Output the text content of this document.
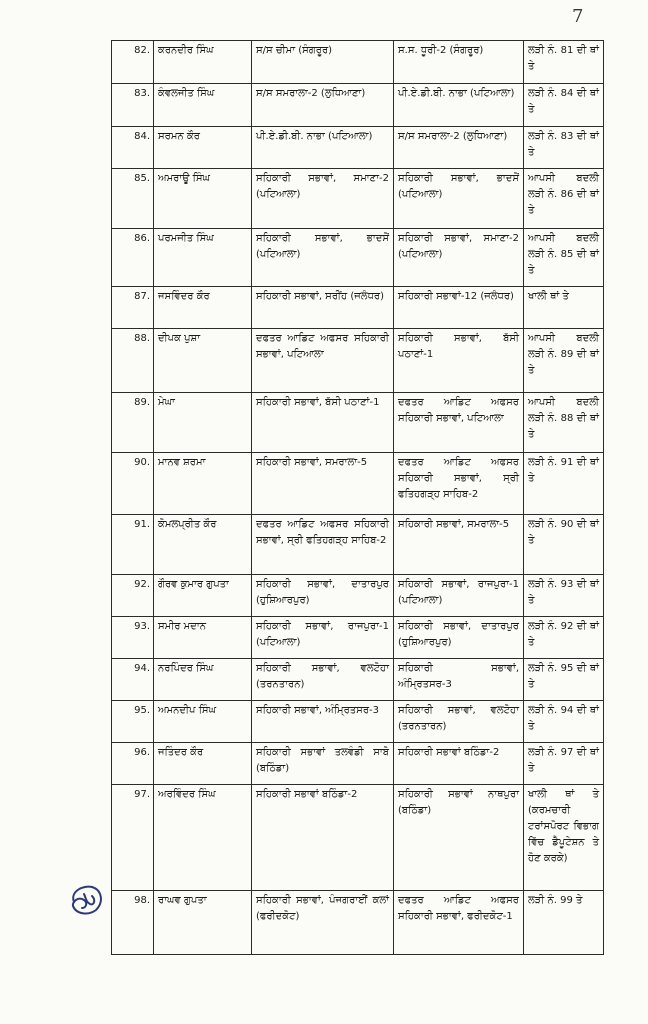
7
82.	ਕਰਨਦੀਰ ਸਿੰਘ	ਸ/ਸ ਚੀਮਾ (ਸੰਗਰੂਰ)	ਸ.ਸ. ਧੂਰੀ-2 (ਸੰਗਰੂਰ)	ਲੜੀ ਨੰ. 81 ਦੀ ਥਾਂ ਤੇ
83.	ਕੰਵਲਜੀਤ ਸਿੰਘ	ਸ/ਸ ਸਮਰਾਲਾ-2 (ਲੁਧਿਆਣਾ)	ਪੀ.ਏ.ਡੀ.ਬੀ. ਨਾਭਾ (ਪਟਿਆਲਾ)	ਲੜੀ ਨੰ. 84 ਦੀ ਥਾਂ ਤੇ
84.	ਸਰਮਨ ਕੌਰ	ਪੀ.ਏ.ਡੀ.ਬੀ. ਨਾਭਾ (ਪਟਿਆਲਾ)	ਸ/ਸ ਸਮਰਾਲਾ-2 (ਲੁਧਿਆਣਾ)	ਲੜੀ ਨੰ. 83 ਦੀ ਥਾਂ ਤੇ
85.	ਅਮਰਾਊ ਸਿੰਘ	ਸਹਿਕਾਰੀ ਸਭਾਵਾਂ, ਸਮਾਣਾ-2 (ਪਟਿਆਲਾ)	ਸਹਿਕਾਰੀ ਸਭਾਵਾਂ, ਭਾਦਸੋਂ (ਪਟਿਆਲਾ)	ਆਪਸੀ ਬਦਲੀ ਲੜੀ ਨੰ. 86 ਦੀ ਥਾਂ ਤੇ
86.	ਪਰਮਜੀਤ ਸਿੰਘ	ਸਹਿਕਾਰੀ ਸਭਾਵਾਂ, ਭਾਦਸੋਂ (ਪਟਿਆਲਾ)	ਸਹਿਕਾਰੀ ਸਭਾਵਾਂ, ਸਮਾਣਾ-2 (ਪਟਿਆਲਾ)	ਆਪਸੀ ਬਦਲੀ ਲੜੀ ਨੰ. 85 ਦੀ ਥਾਂ ਤੇ
87.	ਜਸਵਿੰਦਰ ਕੌਰ	ਸਹਿਕਾਰੀ ਸਭਾਵਾਂ, ਸਰੀਂਹ (ਜਲੰਧਰ)	ਸਹਿਕਾਰੀ ਸਭਾਵਾਂ-12 (ਜਲੰਧਰ)	ਖਾਲੀ ਥਾਂ ਤੇ
88.	ਦੀਪਕ ਪੁਸ਼ਾ	ਦਫਤਰ ਆਡਿਟ ਅਫਸਰ ਸਹਿਕਾਰੀ ਸਭਾਵਾਂ, ਪਟਿਆਲਾ	ਸਹਿਕਾਰੀ ਸਭਾਵਾਂ, ਬੱਸੀ ਪਠਾਣਾਂ-1	ਆਪਸੀ ਬਦਲੀ ਲੜੀ ਨੰ. 89 ਦੀ ਥਾਂ ਤੇ
89.	ਮੇਘਾ	ਸਹਿਕਾਰੀ ਸਭਾਵਾਂ, ਬੱਸੀ ਪਠਾਣਾਂ-1	ਦਫਤਰ ਆਡਿਟ ਅਫਸਰ ਸਹਿਕਾਰੀ ਸਭਾਵਾਂ, ਪਟਿਆਲਾ	ਆਪਸੀ ਬਦਲੀ ਲੜੀ ਨੰ. 88 ਦੀ ਥਾਂ ਤੇ
90.	ਮਾਨਵ ਸ਼ਰਮਾ	ਸਹਿਕਾਰੀ ਸਭਾਵਾਂ, ਸਮਰਾਲਾ-5	ਦਫਤਰ ਆਡਿਟ ਅਫਸਰ ਸਹਿਕਾਰੀ ਸਭਾਵਾਂ, ਸ੍ਰੀ ਫਤਿਹਗੜ੍ਹ ਸਾਹਿਬ-2	ਲੜੀ ਨੰ. 91 ਦੀ ਥਾਂ ਤੇ
91.	ਕੋਮਲਪ੍ਰੀਤ ਕੌਰ	ਦਫਤਰ ਆਡਿਟ ਅਫਸਰ ਸਹਿਕਾਰੀ ਸਭਾਵਾਂ, ਸ੍ਰੀ ਫਤਿਹਗੜ੍ਹ ਸਾਹਿਬ-2	ਸਹਿਕਾਰੀ ਸਭਾਵਾਂ, ਸਮਰਾਲਾ-5	ਲੜੀ ਨੰ. 90 ਦੀ ਥਾਂ ਤੇ
92.	ਗੌਰਵ ਕੁਮਾਰ ਗੁਪਤਾ	ਸਹਿਕਾਰੀ ਸਭਾਵਾਂ, ਦਾਤਾਰਪੁਰ (ਹੁਸ਼ਿਆਰਪੁਰ)	ਸਹਿਕਾਰੀ ਸਭਾਵਾਂ, ਰਾਜਪੁਰਾ-1 (ਪਟਿਆਲਾ)	ਲੜੀ ਨੰ. 93 ਦੀ ਥਾਂ ਤੇ
93.	ਸਮੀਰ ਮਦਾਨ	ਸਹਿਕਾਰੀ ਸਭਾਵਾਂ, ਰਾਜਪੁਰਾ-1 (ਪਟਿਆਲਾ)	ਸਹਿਕਾਰੀ ਸਭਾਵਾਂ, ਦਾਤਾਰਪੁਰ (ਹੁਸ਼ਿਆਰਪੁਰ)	ਲੜੀ ਨੰ. 92 ਦੀ ਥਾਂ ਤੇ
94.	ਨਰਪਿੰਦਰ ਸਿੰਘ	ਸਹਿਕਾਰੀ ਸਭਾਵਾਂ, ਵਲਟੋਹਾ (ਤਰਨਤਾਰਨ)	ਸਹਿਕਾਰੀ ਸਭਾਵਾਂ, ਅੰਮ੍ਰਿਤਸਰ-3	ਲੜੀ ਨੰ. 95 ਦੀ ਥਾਂ ਤੇ
95.	ਅਮਨਦੀਪ ਸਿੰਘ	ਸਹਿਕਾਰੀ ਸਭਾਵਾਂ, ਅੰਮ੍ਰਿਤਸਰ-3	ਸਹਿਕਾਰੀ ਸਭਾਵਾਂ, ਵਲਟੋਹਾ (ਤਰਨਤਾਰਨ)	ਲੜੀ ਨੰ. 94 ਦੀ ਥਾਂ ਤੇ
96.	ਜਤਿੰਦਰ ਕੌਰ	ਸਹਿਕਾਰੀ ਸਭਾਵਾਂ ਤਲਵੰਡੀ ਸਾਬੋ (ਬਠਿੰਡਾ)	ਸਹਿਕਾਰੀ ਸਭਾਵਾਂ ਬਠਿੰਡਾ-2	ਲੜੀ ਨੰ. 97 ਦੀ ਥਾਂ ਤੇ
97.	ਅਰਵਿੰਦਰ ਸਿੰਘ	ਸਹਿਕਾਰੀ ਸਭਾਵਾਂ ਬਠਿੰਡਾ-2	ਸਹਿਕਾਰੀ ਸਭਾਵਾਂ ਨਾਥਪੁਰਾ (ਬਠਿੰਡਾ)	ਖਾਲੀ ਥਾਂ ਤੇ (ਕਰਮਚਾਰੀ ਟਰਾਂਸਪੋਰਟ ਵਿਭਾਗ ਵਿੱਚ ਡੈਪੂਟੇਸ਼ਨ ਤੇ ਹੋਣ ਕਰਕੇ)
98.	ਰਾਘਵ ਗੁਪਤਾ	ਸਹਿਕਾਰੀ ਸਭਾਵਾਂ, ਪੰਜਗਰਾਈਂ ਕਲਾਂ (ਫਰੀਦਕੋਟ)	ਦਫਤਰ ਆਡਿਟ ਅਫਸਰ ਸਹਿਕਾਰੀ ਸਭਾਵਾਂ, ਫਰੀਦਕੋਟ-1	ਲੜੀ ਨੰ. 99 ਤੇ
